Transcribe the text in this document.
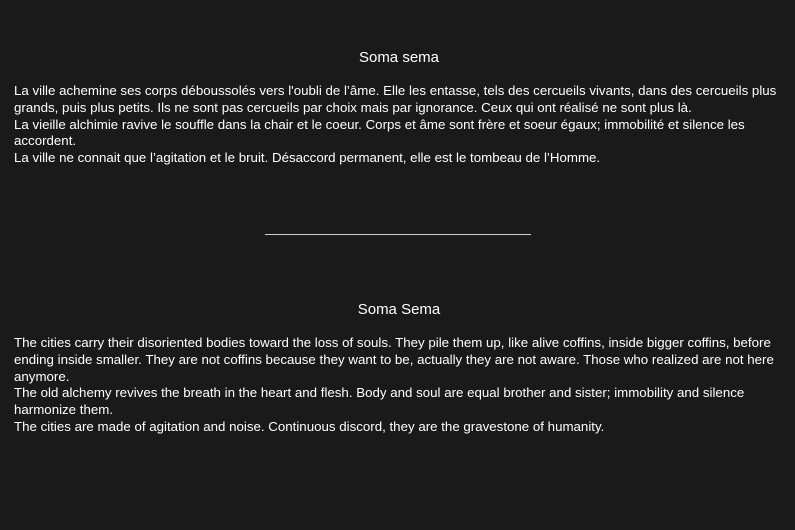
Soma sema

La ville achemine ses corps déboussolés vers l'oubli de l’âme. Elle les entasse, tels des cercueils vivants, dans des cercueils plus grands, puis plus petits. Ils ne sont pas cercueils par choix mais par ignorance. Ceux qui ont réalisé ne sont plus là.
La vieille alchimie ravive le souffle dans la chair et le coeur. Corps et âme sont frère et soeur égaux; immobilité et silence les accordent.
La ville ne connait que l’agitation et le bruit. Désaccord permanent, elle est le tombeau de l’Homme.

Soma Sema

The cities carry their disoriented bodies toward the loss of souls. They pile them up, like alive coffins, inside bigger coffins, before ending inside smaller. They are not coffins because they want to be, actually they are not aware. Those who realized are not here anymore.
The old alchemy revives the breath in the heart and flesh. Body and soul are equal brother and sister; immobility and silence harmonize them.
The cities are made of agitation and noise. Continuous discord, they are the gravestone of humanity.
